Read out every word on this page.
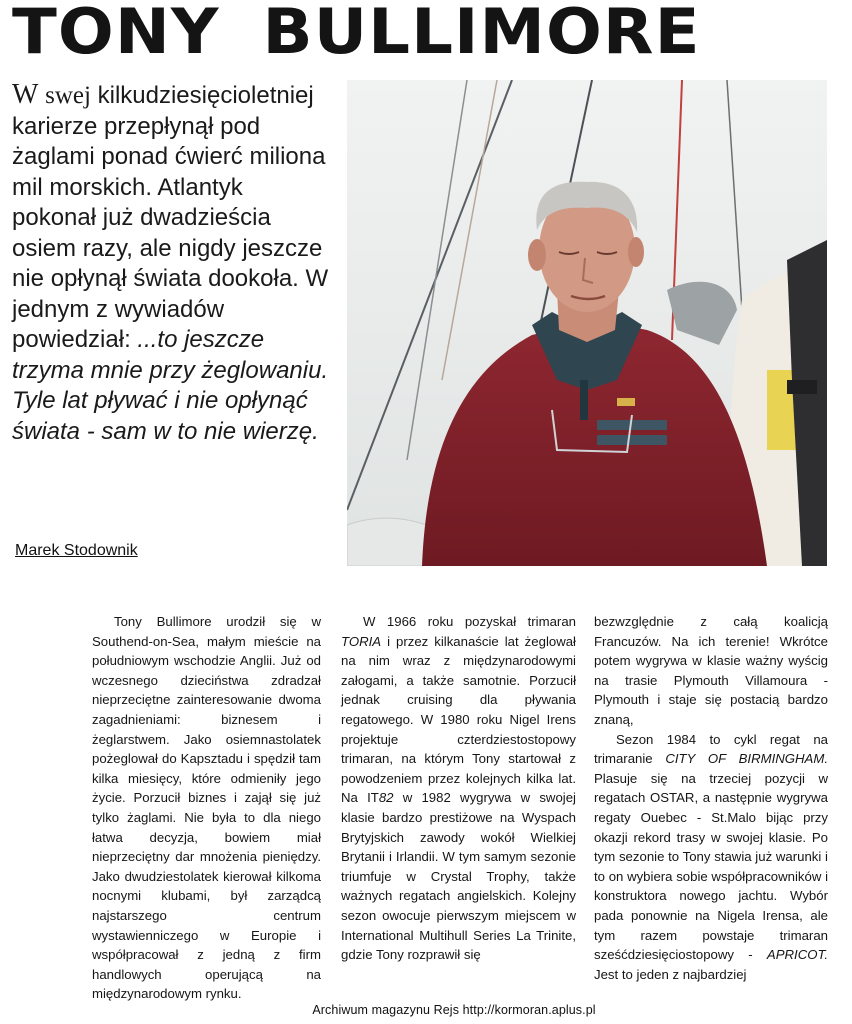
TONY BULLIMORE

W swej kilkudziesięcioletniej karierze przepłynął pod żaglami ponad ćwierć miliona mil morskich. Atlantyk pokonał już dwadzieścia osiem razy, ale nigdy jeszcze nie opłynął świata dookoła. W jednym z wywiadów powiedział: ...to jeszcze trzyma mnie przy żeglowaniu. Tyle lat pływać i nie opłynąć świata - sam w to nie wierzę.

Marek Stodownik

Tony Bullimore urodził się w Southend-on-Sea, małym mieście na południowym wschodzie Anglii. Już od wczesnego dzieciństwa zdradzał nieprzeciętne zainteresowanie dwoma zagadnieniami: biznesem i żeglarstwem. Jako osiemnastolatek pożeglował do Kapsztadu i spędził tam kilka miesięcy, które odmieniły jego życie. Porzucił biznes i zajął się już tylko żaglami. Nie była to dla niego łatwa decyzja, bowiem miał nieprzeciętny dar mnożenia pieniędzy. Jako dwudziestolatek kierował kilkoma nocnymi klubami, był zarządcą najstarszego centrum wystawienniczego w Europie i współpracował z jedną z firm handlowych operującą na międzynarodowym rynku.

W 1966 roku pozyskał trimaran TORIA i przez kilkanaście lat żeglował na nim wraz z międzynarodowymi załogami, a także samotnie. Porzucił jednak cruising dla pływania regatowego. W 1980 roku Nigel Irens projektuje czterdziestostopowy trimaran, na którym Tony startował z powodzeniem przez kolejnych kilka lat. Na IT82 w 1982 wygrywa w swojej klasie bardzo prestiżowe na Wyspach Brytyjskich zawody wokół Wielkiej Brytanii i Irlandii. W tym samym sezonie triumfuje w Crystal Trophy, także ważnych regatach angielskich. Kolejny sezon owocuje pierwszym miejscem w International Multihull Series La Trinite, gdzie Tony rozprawił się

bezwzględnie z całą koalicją Francuzów. Na ich terenie! Wkrótce potem wygrywa w klasie ważny wyścig na trasie Plymouth Villamoura - Plymouth i staje się postacią bardzo znaną,

Sezon 1984 to cykl regat na trimaranie CITY OF BIRMINGHAM. Plasuje się na trzeciej pozycji w regatach OSTAR, a następnie wygrywa regaty Ouebec - St.Malo bijąc przy okazji rekord trasy w swojej klasie. Po tym sezonie to Tony stawia już warunki i to on wybiera sobie współpracowników i konstruktora nowego jachtu. Wybór pada ponownie na Nigela Irensa, ale tym razem powstaje trimaran sześćdziesięciostopowy - APRICOT. Jest to jeden z najbardziej

Archiwum magazynu Rejs http://kormoran.aplus.pl
